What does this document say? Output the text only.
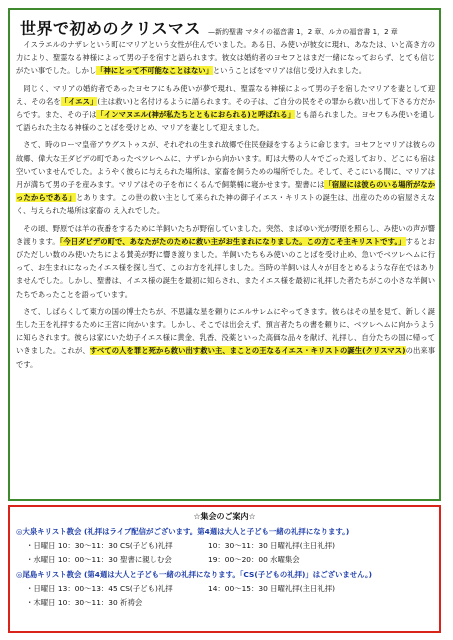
世界で初めのクリスマス —新約聖書 マタイの福音書 1，2 章、ルカの福音書 1，2 章

イスラエルのナザレという町にマリアという女性が住んでいました。ある日、み使いが彼女に現れ、あなたは、いと高き方の力により、聖霊なる神様によって男の子を宿すと語られます。彼女は婚約者のヨセフとはまだ一緒になっておらず、とても信じがたい事でした。しかし「神にとって不可能なことはない」ということばをマリアは信じ受け入れました。

同じく、マリアの婚約者であったヨセフにもみ使いが夢で現れ、聖霊なる神様によって男の子を宿したマリアを妻として迎え、その名を「イエス」(主は救い)と名付けるように語られます。その子は、ご自分の民をその罪から救い出して下さる方だからです。また、その子は「インマヌエル(神が私たちとともにおられる)と呼ばれる」とも語られました。ヨセフもみ使いを通して語られた主なる神様のことばを受けとめ、マリアを妻として迎えました。

さて、時のローマ皇帝アウグストゥスが、それぞれの生まれ故郷で住民登録をするように命じます。ヨセフとマリアは彼らの故郷、偉大な王ダビデの町であったベツレヘムに、ナザレから向かいます。町は大勢の人々でごった返しており、どこにも宿は空いていませんでした。ようやく彼らに与えられた場所は、家畜を飼うための場所でした。そして、そこにいる間に、マリアは月が満ちて男の子を産みます。マリアはその子を布にくるんで飼葉桶に寝かせます。聖書には「宿屋には彼らのいる場所がなかったからである」とあります。この世の救い主として来られた神の御子イエス・キリストの誕生は、出産のための宿屋さえなく、与えられた場所は家畜の え入れでした。

その頃、野原では羊の夜番をするために羊飼いたちが野宿していました。突然、まばゆい光が野原を照らし、み使いの声が響き渡ります。「今日ダビデの町で、あなたがたのために救い主がお生まれになりました。この方こそ主キリストです。」するとおびただしい数のみ使いたちによる賛美が野に響き渡りました。羊飼いたちもみ使いのことばを受け止め、急いでベツレヘムに行って、お生まれになったイエス様を探し当て、このお方を礼拝しました。当時の羊飼いは人々が目をとめるような存在ではありませんでした。しかし、聖書は、イエス様の誕生を最初に知らされ、またイエス様を最初に礼拝した者たちがこの小さな羊飼いたちであったことを語っています。

さて、しばらくして東方の国の博士たちが、不思議な星を頼りにエルサレムにやってきます。彼らはその星を見て、新しく誕生した王を礼拝するために王宮に向かいます。しかし、そこでは出会えず、預言者たちの書を頼りに、ベツレヘムに向かうように知らされます。彼らは家にいた幼子イエス様に黄金、乳香、没薬といった高価な品々を献げ、礼拝し、自分たちの国に帰っていきました。これが、すべての人を罪と死から救い出す救い主、まことの王なるイエス・キリストの誕生(クリスマス)の出来事です。

☆集会のご案内☆
◎大泉キリスト教会 (礼拝はライブ配信がございます。第4週は大人と子ども一緒の礼拝になります。)
・日曜日 10：30～11：30 CS(子ども)礼拝	10：30～11：30 日曜礼拝(主日礼拝)
・水曜日 10：00～11：30 聖書に親しむ会	19：00～20：00 水曜集会
◎尾島キリスト教会 (第4週は大人と子ども一緒の礼拝になります。「CS(子どもの礼拝)」はございません。)
・日曜日 13：00～13：45 CS(子ども)礼拝	14：00～15：30 日曜礼拝(主日礼拝)
・木曜日 10：30～11：30 祈祷会
